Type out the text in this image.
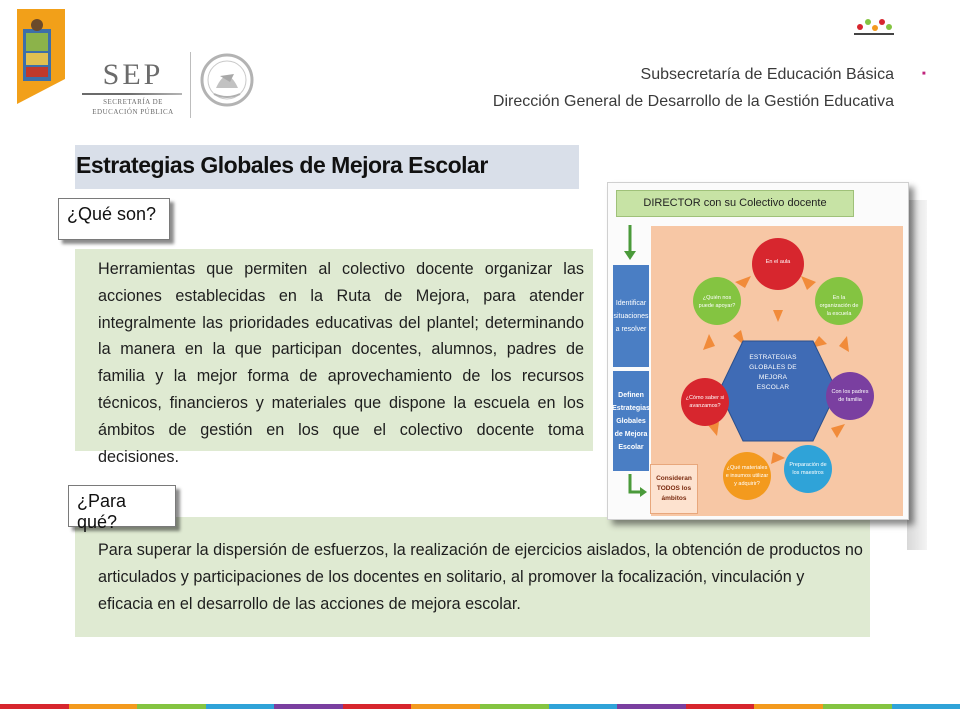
SEP
SECRETARÍA DE
EDUCACIÓN PÚBLICA
Subsecretaría de Educación Básica
Dirección General de Desarrollo de la Gestión Educativa
■
Estrategias Globales de Mejora Escolar
Herramientas que permiten al colectivo docente organizar las acciones establecidas en la Ruta de Mejora, para atender integralmente las prioridades educativas del plantel; determinando la manera en la que participan docentes, alumnos, padres de familia y la mejor forma de aprovechamiento de los recursos técnicos, financieros y materiales que dispone la escuela en los ámbitos de gestión en los que el colectivo docente toma decisiones.
¿Qué son?
Para superar la dispersión de esfuerzos, la realización de ejercicios aislados, la obtención de productos no articulados y participaciones de los docentes en solitario, al promover la focalización, vinculación y eficacia en el desarrollo de las acciones de mejora escolar.
¿Para qué?
DIRECTOR con su Colectivo docente
Identificar situaciones a resolver
Definen Estrategias Globales de Mejora Escolar
En el aula
En la organización de la escuela
Con los padres de familia
Preparación de los maestros
¿Qué materiales e insumos utilizar y adquirir?
¿Cómo saber si avanzamos?
¿Quién nos puede apoyar?
ESTRATEGIAS GLOBALES DE MEJORA ESCOLAR
Consideran TODOS los ámbitos
